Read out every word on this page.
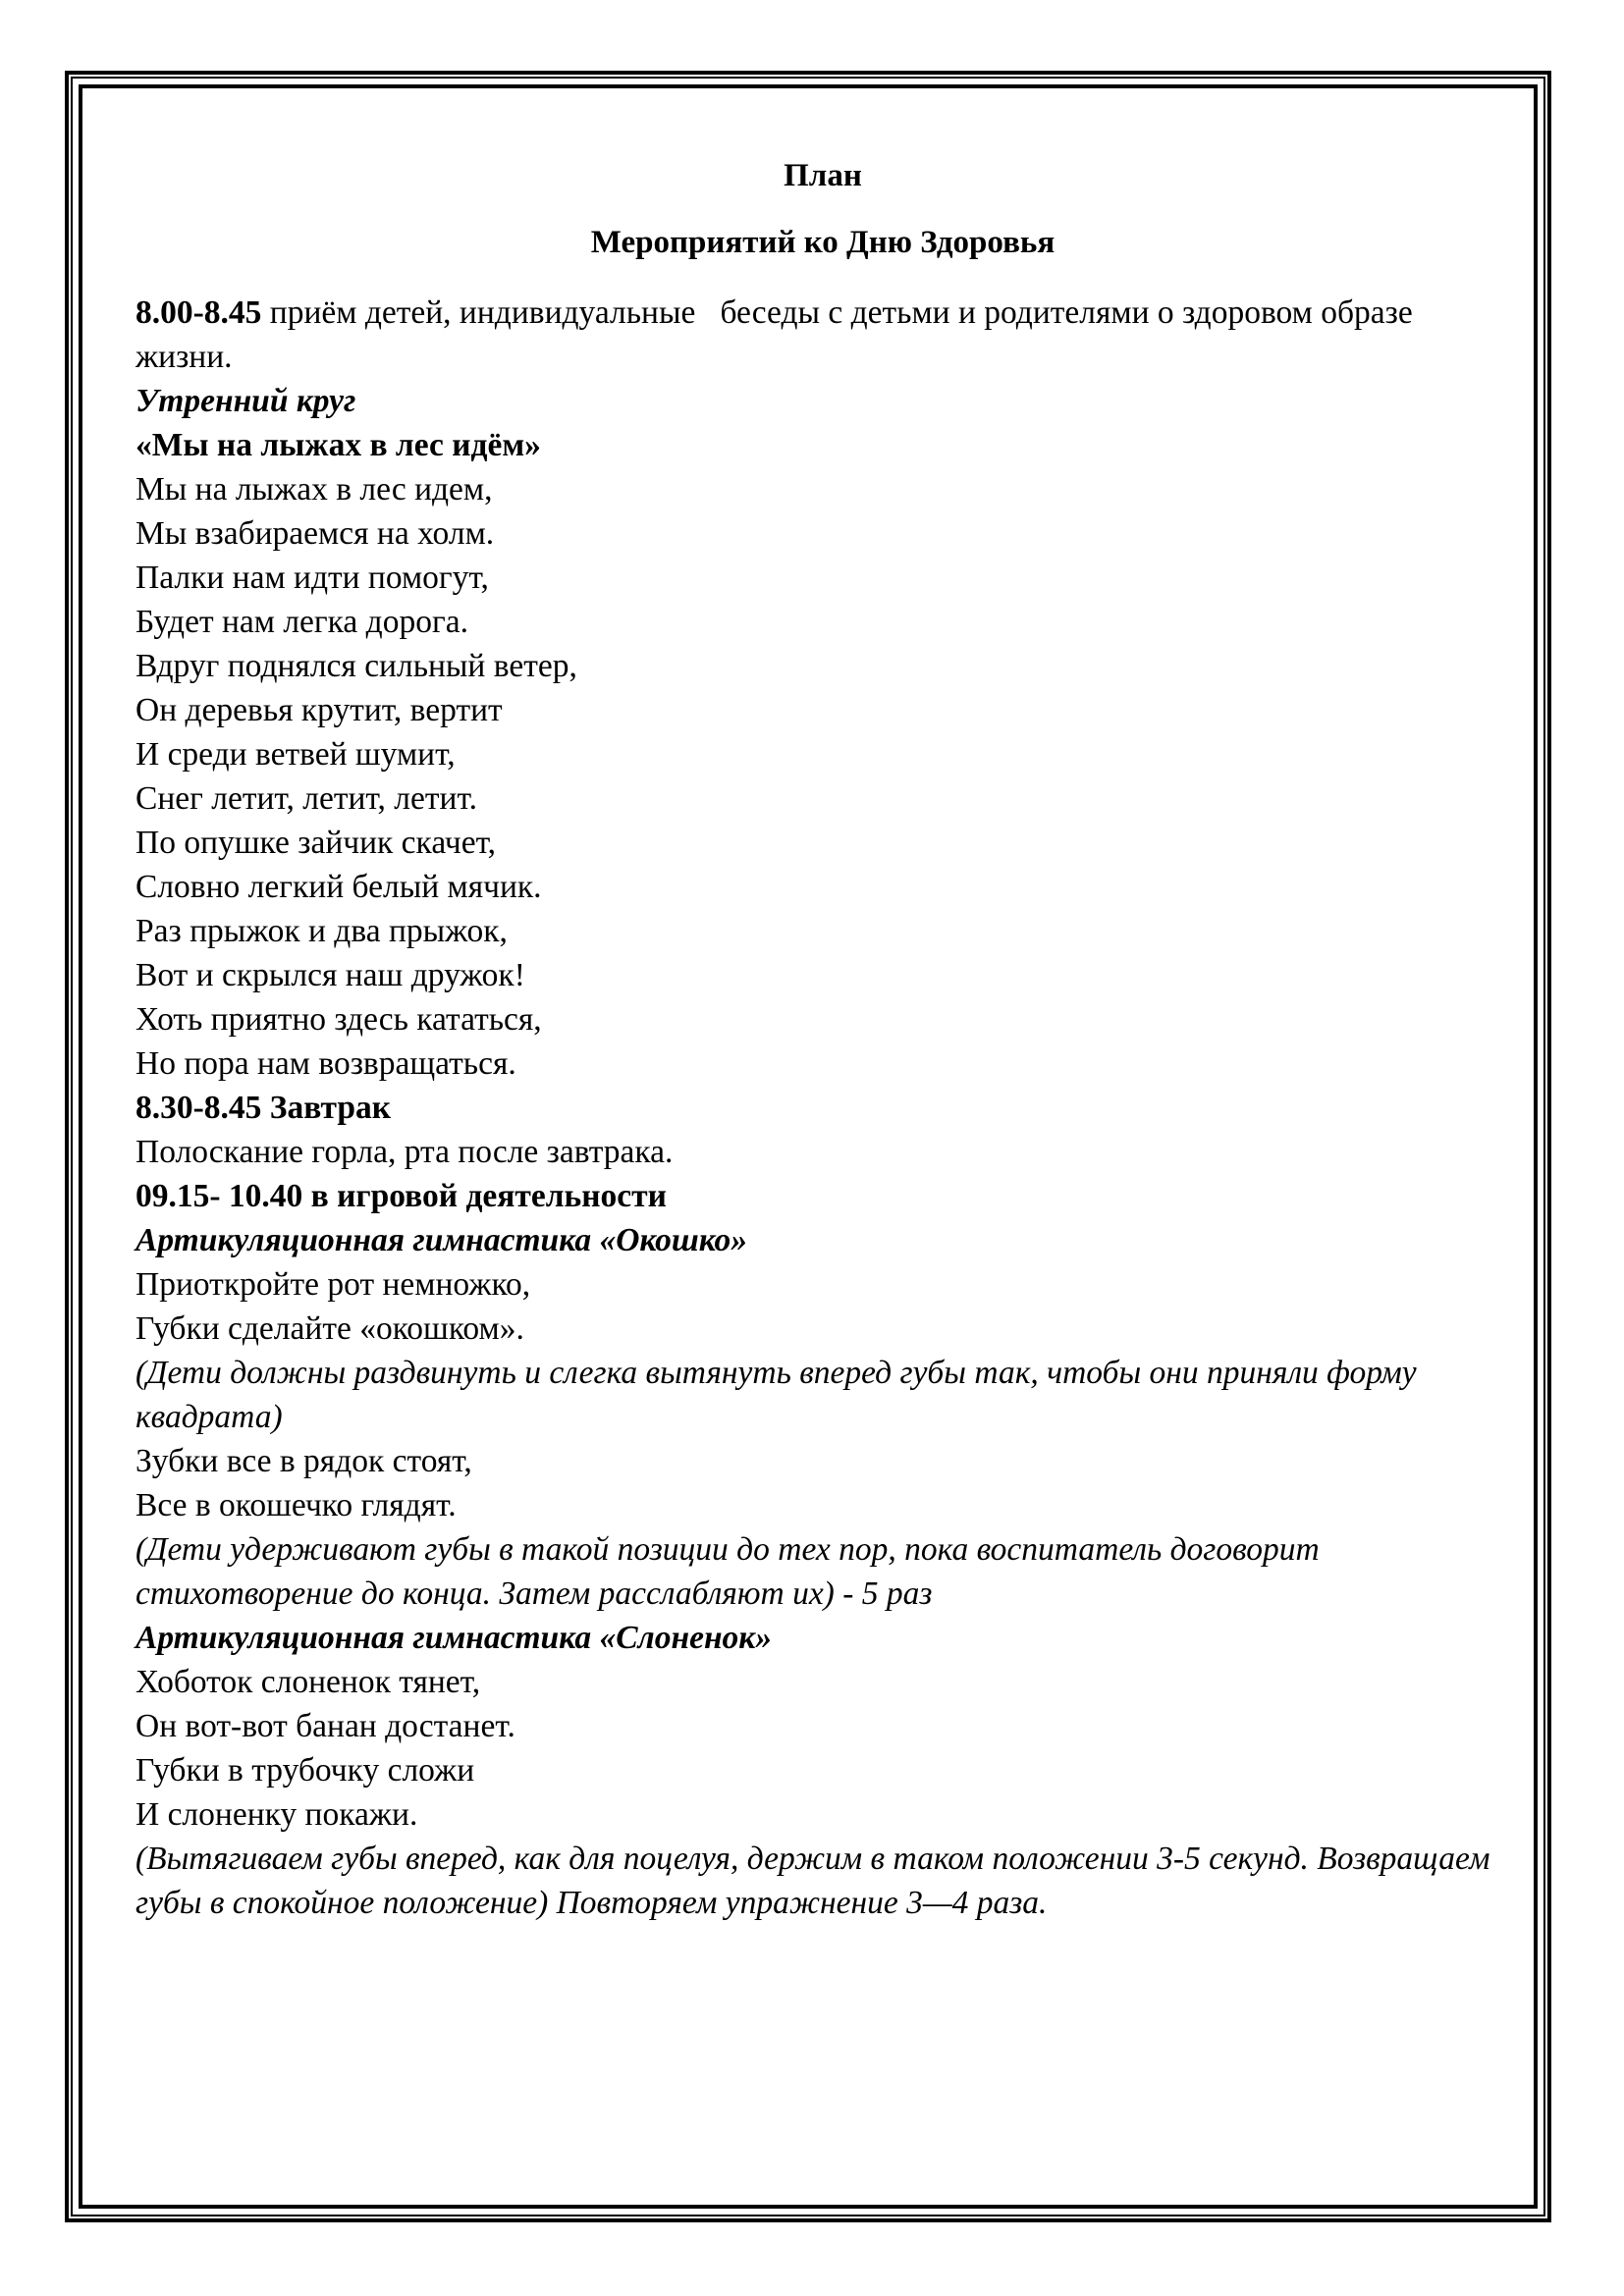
План

Мероприятий ко Дню Здоровья

8.00-8.45 приём детей, индивидуальные   беседы с детьми и родителями о здоровом образе жизни.

Утренний круг

«Мы на лыжах в лес идём»

Мы на лыжах в лес идем,

Мы взабираемся на холм.

Палки нам идти помогут,

Будет нам легка дорога.

Вдруг поднялся сильный ветер,

Он деревья крутит, вертит

И среди ветвей шумит,

Снег летит, летит, летит.

По опушке зайчик скачет,

Словно легкий белый мячик.

Раз прыжок и два прыжок,

Вот и скрылся наш дружок!

Хоть приятно здесь кататься,

Но пора нам возвращаться.

8.30-8.45 Завтрак

Полоскание горла, рта после завтрака.

09.15- 10.40 в игровой деятельности

Артикуляционная гимнастика «Окошко»

Приоткройте рот немножко,

Губки сделайте «окошком».

(Дети должны раздвинуть и слегка вытянуть вперед губы так, чтобы они приняли форму квадрата)

Зубки все в рядок стоят,

Все в окошечко глядят.

(Дети удерживают губы в такой позиции до тех пор, пока воспитатель договорит стихотворение до конца. Затем расслабляют их) - 5 раз

Артикуляционная гимнастика «Слоненок»

Хоботок слоненок тянет,

Он вот-вот банан достанет.

Губки в трубочку сложи

И слоненку покажи.

(Вытягиваем губы вперед, как для поцелуя, держим в таком положении 3-5 секунд. Возвращаем губы в спокойное положение) Повторяем упражнение 3—4 раза.
